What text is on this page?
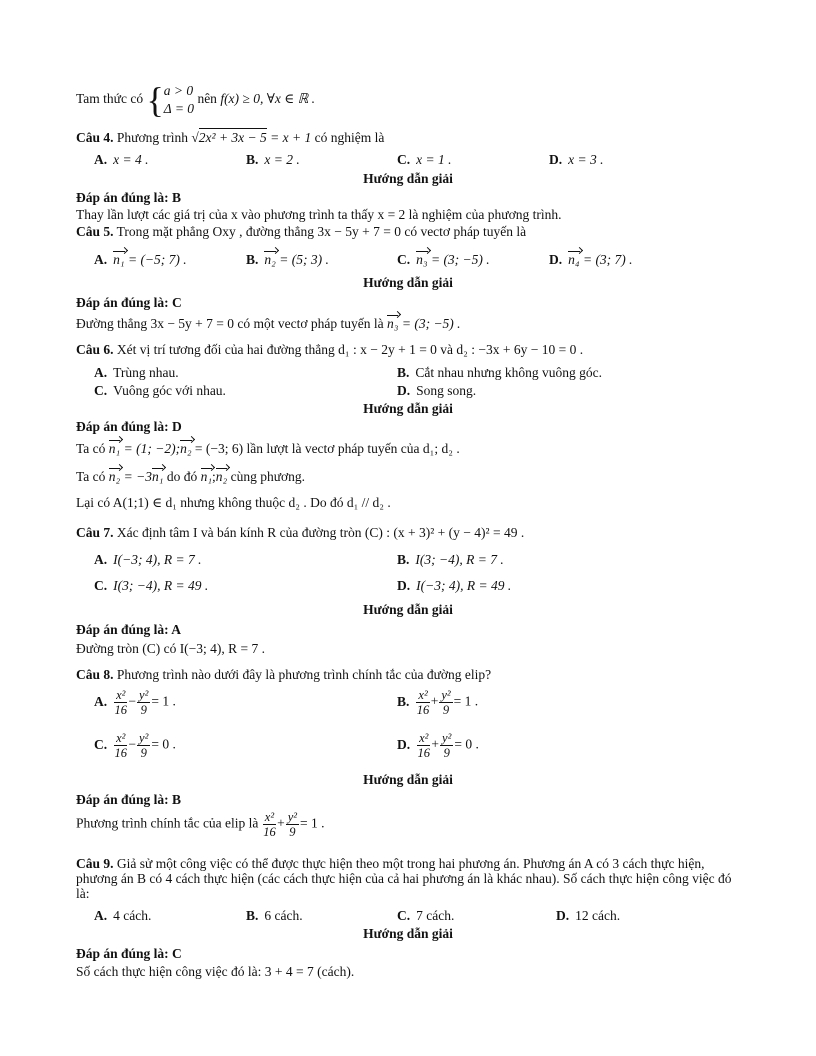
Tam thức có { a > 0
Δ = 0
nên f(x) ≥ 0, ∀x ∈ ℝ .
Câu 4. Phương trình √2x² + 3x − 5 = x + 1 có nghiệm là
A. x = 4 .	B. x = 2 .	C. x = 1 .	D. x = 3 .
Hướng dẫn giải
Đáp án đúng là: B
Thay lần lượt các giá trị của x vào phương trình ta thấy x = 2 là nghiệm của phương trình.
Câu 5. Trong mặt phẳng Oxy , đường thẳng 3x − 5y + 7 = 0 có vectơ pháp tuyến là
A. n₁ = (−5; 7) .	B. n₂ = (5; 3) .	C. n₃ = (3; −5) .	D. n₄ = (3; 7) .
Hướng dẫn giải
Đáp án đúng là: C
Đường thẳng 3x − 5y + 7 = 0 có một vectơ pháp tuyến là n₃ = (3; −5) .
Câu 6. Xét vị trí tương đối của hai đường thẳng d₁ : x − 2y + 1 = 0 và d₂ : −3x + 6y − 10 = 0 .
A. Trùng nhau.	B. Cắt nhau nhưng không vuông góc.
C. Vuông góc với nhau.	D. Song song.
Hướng dẫn giải
Đáp án đúng là: D
Ta có n₁ = (1; −2);n₂ = (−3; 6) lần lượt là vectơ pháp tuyến của d₁; d₂ .
Ta có n₂ = −3n₁ do đó n₁;n₂ cùng phương.
Lại có A(1;1) ∈ d₁ nhưng không thuộc d₂ . Do đó d₁ // d₂ .
Câu 7. Xác định tâm I và bán kính R của đường tròn (C) : (x + 3)² + (y − 4)² = 49 .
A. I(−3; 4), R = 7 .	B. I(3; −4), R = 7 .
C. I(3; −4), R = 49 .	D. I(−3; 4), R = 49 .
Hướng dẫn giải
Đáp án đúng là: A
Đường tròn (C) có I(−3; 4), R = 7 .
Câu 8. Phương trình nào dưới đây là phương trình chính tắc của đường elip?
A. $\frac{\text{x²}}{16} - \frac{\text{y²}}{9} = 1$ .	B. $\frac{\text{x²}}{16} + \frac{\text{y²}}{9} = 1$ .
C. $\frac{\text{x²}}{16} - \frac{\text{y²}}{9} = 0$ .	D. $\frac{\text{x²}}{16} + \frac{\text{y²}}{9} = 0$ .
Hướng dẫn giải
Đáp án đúng là: B
Phương trình chính tắc của elip là $\frac{\text{x²}}{16} + \frac{\text{y²}}{9} = 1$ .
Câu 9. Giả sử một công việc có thể được thực hiện theo một trong hai phương án. Phương án A có 3 cách thực hiện, phương án B có 4 cách thực hiện (các cách thực hiện của cả hai phương án là khác nhau). Số cách thực hiện công việc đó là:
A. 4 cách.	B. 6 cách.	C. 7 cách.	D. 12 cách.
Hướng dẫn giải
Đáp án đúng là: C
Số cách thực hiện công việc đó là: 3 + 4 = 7 (cách).
